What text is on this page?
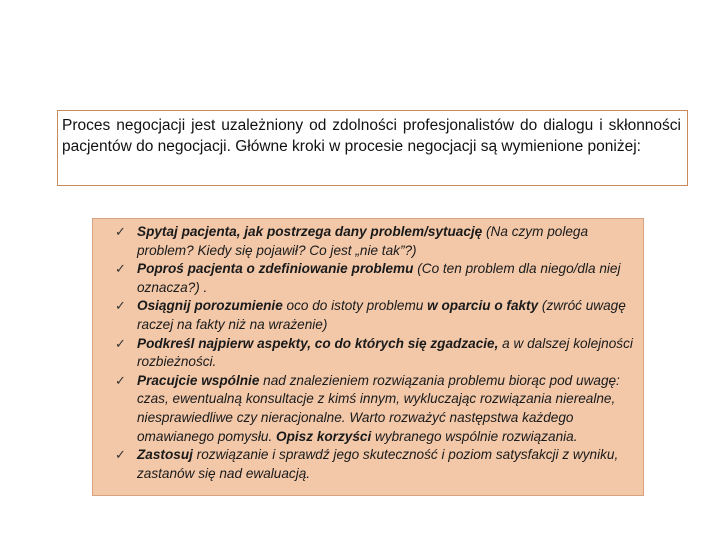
Proces negocjacji jest uzależniony od zdolności profesjonalistów do dialogu i skłonności pacjentów do negocjacji. Główne kroki w procesie negocjacji są wymienione poniżej:
✓ Spytaj pacjenta, jak postrzega dany problem/sytuację (Na czym polega problem? Kiedy się pojawił? Co jest „nie tak”?)
✓ Poproś pacjenta o zdefiniowanie problemu (Co ten problem dla niego/dla niej oznacza?) .
✓ Osiągnij porozumienie oco do istoty problemu w oparciu o fakty (zwróć uwagę raczej na fakty niż na wrażenie)
✓ Podkreśl najpierw aspekty, co do których się zgadzacie, a w dalszej kolejności rozbieżności.
✓ Pracujcie wspólnie nad znalezieniem rozwiązania problemu biorąc pod uwagę: czas, ewentualną konsultacje z kimś innym, wykluczając rozwiązania nierealne, niesprawiedliwe czy nieracjonalne. Warto rozważyć następstwa każdego omawianego pomysłu. Opisz korzyści wybranego wspólnie rozwiązania.
✓ Zastosuj rozwiązanie i sprawdź jego skuteczność i poziom satysfakcji z wyniku, zastanów się nad ewaluacją.
